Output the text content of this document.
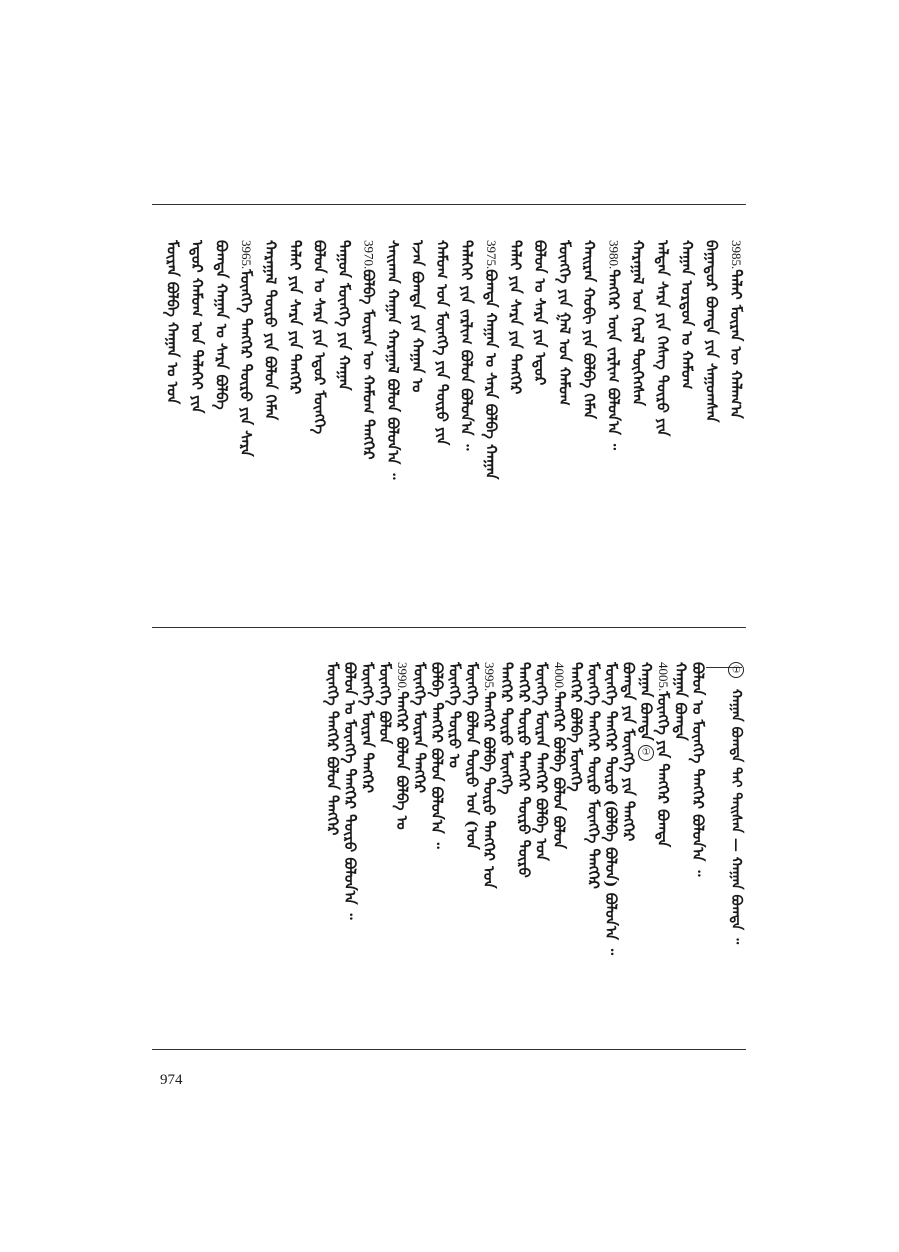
3985.ᠳᠠᠯᠠᠢ ᠮᠥᠷᠡᠨ ᠦ ᠬᠠᠯᠠᠭ᠎ᠠ
ᠪᠠᠭᠠᠲᠤᠷ ᠪᠣᠭᠳᠠ ᠶᠢᠨ ᠰᠠᠭᠤᠭᠰᠠᠨ
ᠬᠠᠭᠠᠨ ᠣᠷᠳᠤᠨ ᠤ ᠬᠠᠮᠤᠭ
ᠠᠯᠲᠠᠨ ᠰᠠᠷᠠ ᠶᠢᠨ ᠬᠡᠰᠡᠭ ᠲᠦᠷᠦ ᠶᠢᠨ
ᠬᠠᠷᠠᠭᠠᠯ ᠤᠨ ᠭᠡᠷᠡᠯ ᠲᠦᠭᠡᠭᠰᠡᠨ
3980.ᠲᠡᠩᠭᠡᠷ ᠦᠨ ᠵᠠᠷᠯᠢᠭ ᠪᠣᠯᠤᠨ᠎ᠠ ᠃
ᠬᠠᠢᠷᠠᠨ ᠬᠤᠪᠢ ᠶᠢᠨ ᠪᠣᠯᠪᠠ ᠬᠡᠮᠡᠨ
ᠮᠥᠩᠬᠡ ᠶᠢᠨ ᠭᠠᠯ ᠤᠨ ᠬᠠᠮᠤᠭ
ᠪᠣᠯᠤᠨ ᠤ ᠰᠠᠷᠠ ᠶᠢᠨ ᠡᠳᠦᠷ
ᠳᠠᠯᠠᠢ ᠶᠢᠨ ᠰᠠᠷᠠ ᠶᠢᠨ ᠲᠡᠩᠭᠡᠷ
3975.ᠪᠣᠭᠳᠠ ᠬᠠᠭᠠᠨ ᠤ ᠰᠠᠷᠠ ᠪᠣᠯᠪᠠ ᠬᠠᠭᠠᠨ
ᠲᠡᠯᠡᠭᠡᠢ ᠶᠢᠨ ᠵᠠᠷᠯᠢᠭ ᠪᠣᠯᠤᠨ ᠪᠣᠯᠤᠨ᠎ᠠ ᠃
ᠬᠠᠮᠤᠭ ᠤᠨ ᠮᠥᠩᠬᠡ ᠶᠢᠨ ᠲᠥᠷᠥ ᠶᠢᠨ
ᠡᠵᠡᠨ ᠪᠣᠭᠳᠠ ᠶᠢᠨ ᠬᠠᠭᠠᠨ ᠤ
ᠰᠠᠢᠬᠠᠨ ᠬᠠᠭᠠᠨ ᠬᠠᠷᠠᠭᠠᠯ ᠪᠣᠯᠤᠨ ᠪᠣᠯᠤᠨ᠎ᠠ ᠃
3970.ᠪᠣᠯᠪᠠ ᠮᠥᠷᠡᠨ ᠦ ᠬᠠᠮᠤᠭ ᠲᠡᠩᠭᠡᠷ
ᠳᠠᠭᠤᠨ ᠮᠥᠩᠬᠡ ᠶᠢᠨ ᠬᠠᠭᠠᠨ
ᠪᠣᠯᠤᠨ ᠤ ᠰᠠᠷᠠ ᠶᠢᠨ ᠡᠳᠦᠷ ᠮᠥᠩᠬᠡ
ᠳᠠᠯᠠᠢ ᠶᠢᠨ ᠰᠠᠷᠠ ᠶᠢᠨ ᠲᠡᠩᠭᠡᠷ
ᠬᠠᠷᠠᠭᠠᠯ ᠲᠦᠷᠦ ᠶᠢᠨ ᠪᠣᠯᠤᠨ ᠬᠡᠮᠡᠨ
3965.ᠮᠥᠩᠬᠡ ᠲᠡᠩᠭᠡᠷ ᠲᠦᠷᠦ ᠶᠢᠨ ᠰᠠᠷᠠ
ᠪᠣᠭᠳᠠ ᠬᠠᠭᠠᠨ ᠤ ᠰᠠᠷᠠ ᠪᠣᠯᠪᠠ
ᠡᠳᠦᠷ ᠬᠠᠮᠤᠭ ᠤᠨ ᠲᠡᠯᠡᠭᠡᠢ ᠶᠢᠨ
ᠮᠥᠷᠡᠨ ᠪᠣᠯᠪᠠ ᠬᠠᠭᠠᠨ ᠤ ᠤᠨ
① ᠬᠠᠭᠠᠨ ᠪᠣᠭᠳᠠ ᠳᠠᠢ ᠳᠠᠢᠰᠠᠨ — ᠬᠠᠭᠠᠨ ᠪᠣᠭᠳᠠ ᠃
ᠪᠣᠯᠤᠨ ᠤ ᠮᠥᠩᠬᠡ ᠲᠡᠩᠭᠡᠷ ᠪᠣᠯᠤᠨ᠎ᠠ ᠃
ᠬᠠᠭᠠᠨ ᠪᠣᠭᠳᠠ
4005.ᠮᠥᠩᠬᠡ ᠶᠢᠨ ᠲᠡᠩᠭᠡᠷ ᠪᠣᠭᠳᠠ
ᠬᠠᠭᠠᠨ ᠪᠣᠭᠳᠠ①
ᠪᠣᠭᠳᠠ ᠶᠢᠨ ᠮᠥᠩᠬᠡ ᠶᠢᠨ ᠲᠡᠩᠭᠡᠷ
ᠮᠥᠩᠬᠡ ᠲᠡᠩᠭᠡᠷ ᠲᠦᠷᠦ (ᠪᠣᠯᠪᠠ ᠪᠣᠯᠤᠨ) ᠪᠣᠯᠤᠨ᠎ᠠ ᠃
ᠮᠥᠩᠬᠡ ᠲᠡᠩᠭᠡᠷ ᠲᠦᠷᠦ ᠮᠥᠩᠬᠡ ᠲᠡᠩᠭᠡᠷ
ᠲᠡᠩᠭᠡᠷ ᠪᠣᠯᠪᠠ ᠮᠥᠩᠬᠡ
4000.ᠲᠡᠩᠭᠡᠷ ᠪᠣᠯᠪᠠ ᠪᠣᠯᠤᠨ ᠪᠣᠯᠤᠨ
ᠮᠥᠩᠬᠡ ᠮᠥᠷᠡᠨ ᠲᠡᠩᠭᠡᠷ ᠪᠣᠯᠪᠠ ᠤᠨ
ᠲᠡᠩᠭᠡᠷ ᠲᠦᠷᠦ ᠲᠡᠩᠭᠡᠷ ᠲᠦᠷᠦ ᠲᠦᠷᠦ
ᠲᠡᠩᠭᠡᠷ ᠲᠦᠷᠦ ᠮᠥᠩᠬᠡ
3995.ᠲᠡᠩᠭᠡᠷ ᠪᠣᠯᠪᠠ ᠲᠦᠷᠦ ᠲᠡᠩᠭᠡᠷ ᠤᠨ
ᠮᠥᠩᠬᠡ ᠪᠣᠯᠤᠨ ᠲᠦᠷᠦ ᠤᠨ (ᠤᠨ
ᠮᠥᠩᠬᠡ ᠲᠦᠷᠦ ᠤ
ᠪᠣᠯᠪᠠ ᠲᠡᠩᠭᠡᠷ ᠪᠣᠯᠤᠨ ᠪᠣᠯᠤᠨ᠎ᠠ ᠃
ᠮᠥᠩᠬᠡ ᠮᠥᠷᠡᠨ ᠲᠡᠩᠭᠡᠷ
3990.ᠲᠡᠩᠭᠡᠷ ᠪᠣᠯᠤᠨ ᠪᠣᠯᠪᠠ ᠤ
ᠮᠥᠩᠬᠡ ᠪᠣᠯᠤᠨ
ᠮᠥᠩᠬᠡ ᠮᠥᠷᠡᠨ ᠲᠡᠩᠭᠡᠷ
ᠪᠣᠯᠤᠨ ᠤ ᠮᠥᠩᠬᠡ ᠲᠡᠩᠭᠡᠷ ᠲᠦᠷᠦ ᠪᠣᠯᠤᠨ᠎ᠠ ᠃
ᠮᠥᠩᠬᠡ ᠲᠡᠩᠭᠡᠷ ᠪᠣᠯᠤᠨ ᠲᠡᠩᠭᠡᠷ
974
